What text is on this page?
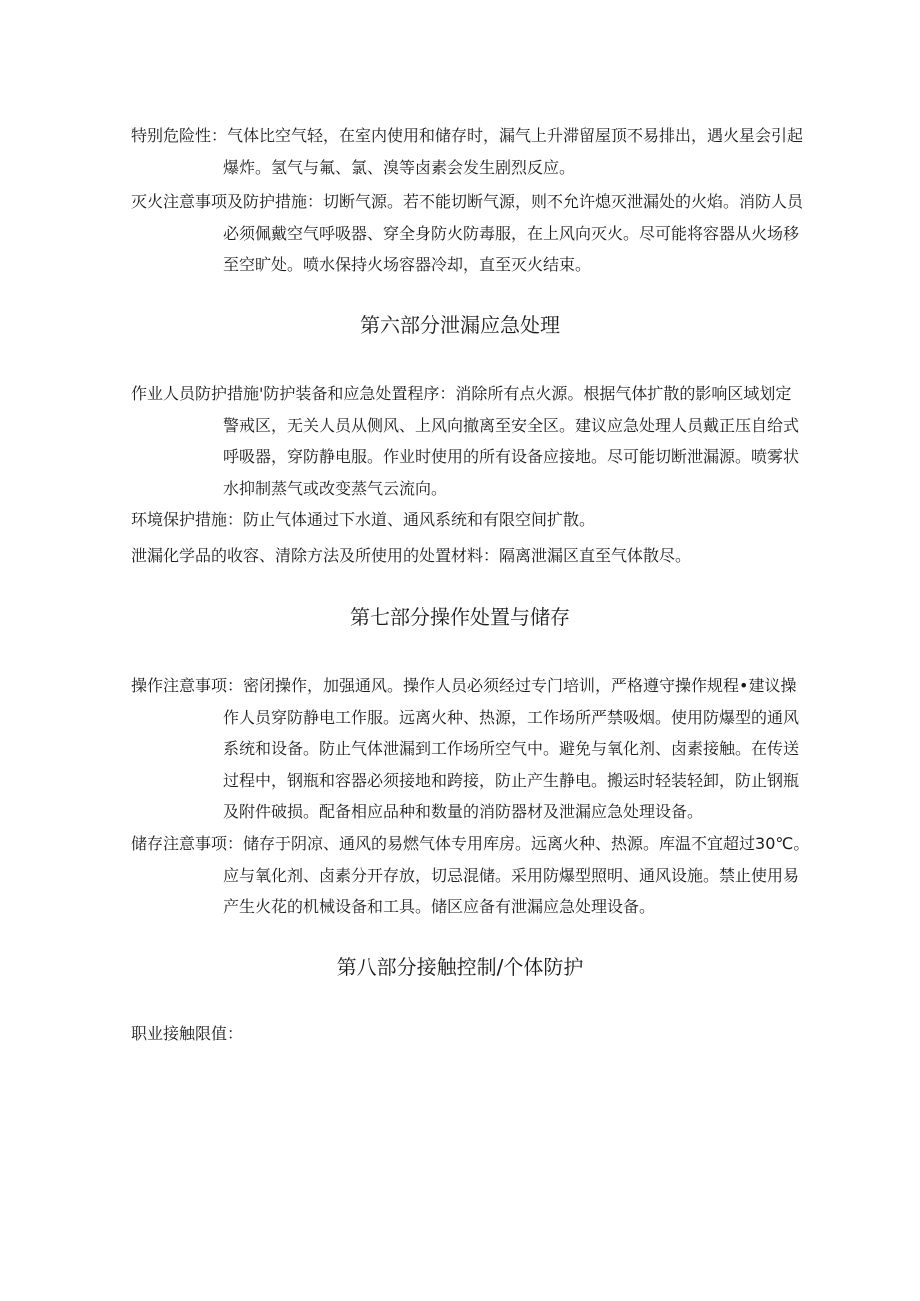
特别危险性：气体比空气轻，在室内使用和储存时，漏气上升滞留屋顶不易排出，遇火星会引起
爆炸。氢气与氟、氯、溴等卤素会发生剧烈反应。
灭火注意事项及防护措施：切断气源。若不能切断气源，则不允许熄灭泄漏处的火焰。消防人员
必须佩戴空气呼吸器、穿全身防火防毒服，在上风向灭火。尽可能将容器从火场移
至空旷处。喷水保持火场容器冷却，直至灭火结束。
第六部分泄漏应急处理
作业人员防护措施'防护装备和应急处置程序：消除所有点火源。根据气体扩散的影响区域划定
警戒区，无关人员从侧风、上风向撤离至安全区。建议应急处理人员戴正压自给式
呼吸器，穿防静电服。作业时使用的所有设备应接地。尽可能切断泄漏源。喷雾状
水抑制蒸气或改变蒸气云流向。
环境保护措施：防止气体通过下水道、通风系统和有限空间扩散。
泄漏化学品的收容、清除方法及所使用的处置材料：隔离泄漏区直至气体散尽。
第七部分操作处置与储存
操作注意事项：密闭操作，加强通风。操作人员必须经过专门培训，严格遵守操作规程•建议操
作人员穿防静电工作服。远离火种、热源，工作场所严禁吸烟。使用防爆型的通风
系统和设备。防止气体泄漏到工作场所空气中。避免与氧化剂、卤素接触。在传送
过程中，钢瓶和容器必须接地和跨接，防止产生静电。搬运时轻装轻卸，防止钢瓶
及附件破损。配备相应品种和数量的消防器材及泄漏应急处理设备。
储存注意事项：储存于阴凉、通风的易燃气体专用库房。远离火种、热源。库温不宜超过30℃。
应与氧化剂、卤素分开存放，切忌混储。采用防爆型照明、通风设施。禁止使用易
产生火花的机械设备和工具。储区应备有泄漏应急处理设备。
第八部分接触控制/个体防护
职业接触限值：
